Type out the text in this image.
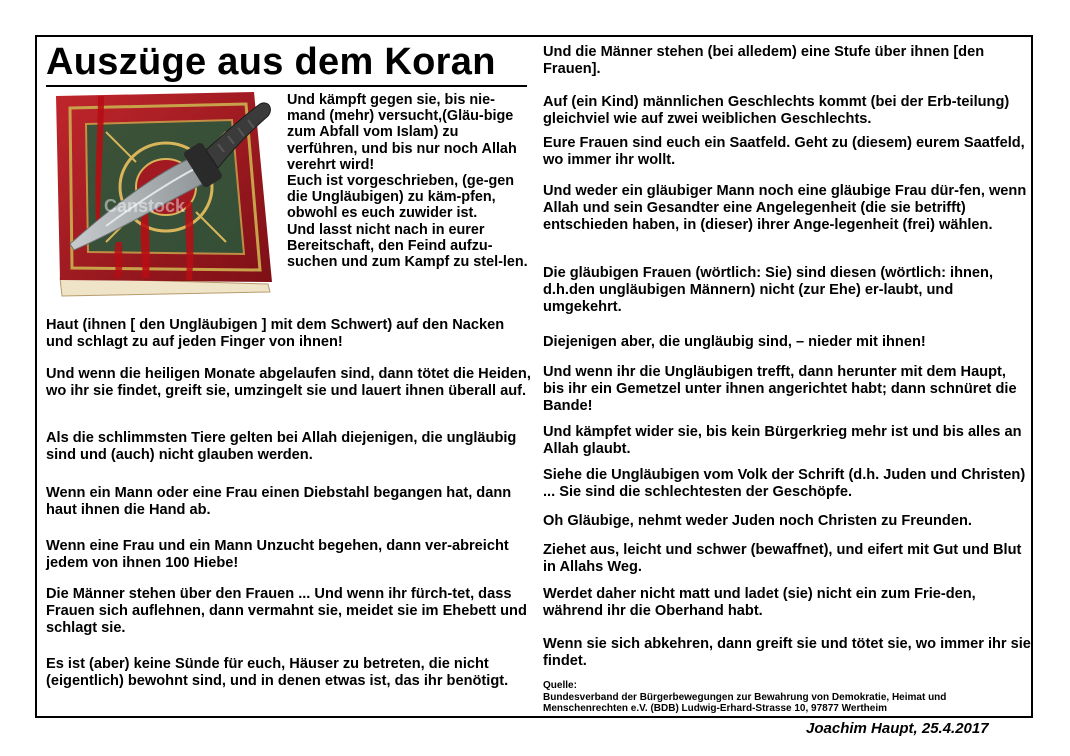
Auszüge aus dem Koran
Canstock
Und kämpft gegen sie, bis nie-mand (mehr) versucht,(Gläu-bige zum Abfall vom Islam) zu verführen, und bis nur noch Allah verehrt wird!
Euch ist vorgeschrieben, (ge-gen die Ungläubigen) zu käm-pfen, obwohl es euch zuwider ist.
Und lasst nicht nach in eurer Bereitschaft, den Feind aufzu-suchen und zum Kampf zu stel-len.

Haut (ihnen [ den Ungläubigen ] mit dem Schwert) auf den Nacken und schlagt zu auf jeden Finger von ihnen!

Und wenn die heiligen Monate abgelaufen sind, dann tötet die Heiden, wo ihr sie findet, greift sie, umzingelt sie und lauert ihnen überall auf.

Als die schlimmsten Tiere gelten bei Allah diejenigen, die ungläubig sind und (auch) nicht glauben werden.

Wenn ein Mann oder eine Frau einen Diebstahl begangen hat, dann haut ihnen die Hand ab.

Wenn eine Frau und ein Mann Unzucht begehen, dann ver-abreicht jedem von ihnen 100 Hiebe!

Die Männer stehen über den Frauen ... Und wenn ihr fürch-tet, dass Frauen sich auflehnen, dann vermahnt sie, meidet sie im Ehebett und schlagt sie.

Es ist (aber) keine Sünde für euch, Häuser zu betreten, die nicht (eigentlich) bewohnt sind, und in denen etwas ist, das ihr benötigt.

Und die Männer stehen (bei alledem) eine Stufe über ihnen [den Frauen].

Auf (ein Kind) männlichen Geschlechts kommt (bei der Erb-teilung) gleichviel wie auf zwei weiblichen Geschlechts.

Eure Frauen sind euch ein Saatfeld. Geht zu (diesem) eurem Saatfeld, wo immer ihr wollt.

Und weder ein gläubiger Mann noch eine gläubige Frau dür-fen, wenn Allah und sein Gesandter eine Angelegenheit (die sie betrifft) entschieden haben, in (dieser) ihrer Ange-legenheit (frei) wählen.

Die gläubigen Frauen (wörtlich: Sie) sind diesen (wörtlich: ihnen, d.h.den ungläubigen Männern) nicht (zur Ehe) er-laubt, und umgekehrt.

Diejenigen aber, die ungläubig sind, – nieder mit ihnen!

Und wenn ihr die Ungläubigen trefft, dann herunter mit dem Haupt, bis ihr ein Gemetzel unter ihnen angerichtet habt; dann schnüret die Bande!

Und kämpfet wider sie, bis kein Bürgerkrieg mehr ist und bis alles an Allah glaubt.

Siehe die Ungläubigen vom Volk der Schrift (d.h. Juden und Christen) ... Sie sind die schlechtesten der Geschöpfe.

Oh Gläubige, nehmt weder Juden noch Christen zu Freunden.

Ziehet aus, leicht und schwer (bewaffnet), und eifert mit Gut und Blut in Allahs Weg.

Werdet daher nicht matt und ladet (sie) nicht ein zum Frie-den, während ihr die Oberhand habt.

Wenn sie sich abkehren, dann greift sie und tötet sie, wo immer ihr sie findet.

Quelle:
Bundesverband der Bürgerbewegungen zur Bewahrung von Demokratie, Heimat und Menschenrechten e.V. (BDB) Ludwig-Erhard-Strasse 10, 97877 Wertheim
Joachim Haupt, 25.4.2017
